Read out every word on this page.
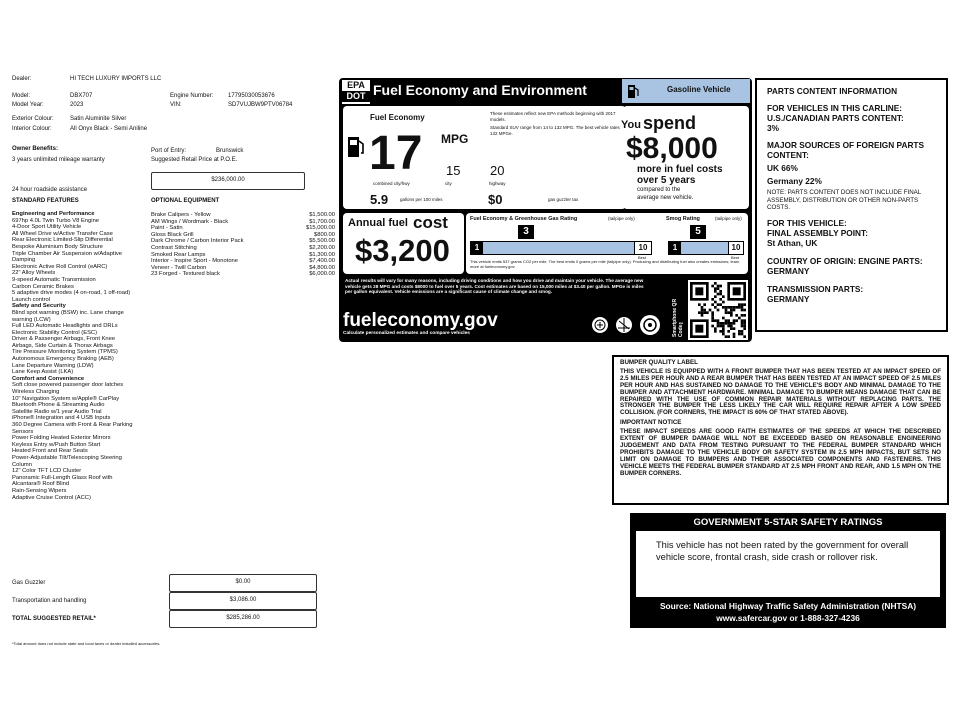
Dealer:	HI TECH LUXURY IMPORTS LLC
Model:	DBX707	Engine Number: 17795030053676
Model Year:	2023	VIN:	SD7VUJBW9PTV06784
Exterior Colour:	Satin Aluminite Silver
Interior Colour:	All Onyx Black - Semi Aniline
Owner Benefits:
3 years unlimited mileage warranty
Port of Entry:	Brunswick
Suggested Retail Price at P.O.E.
$236,000.00
24 hour roadside assistance
STANDARD FEATURES
Engineering and Performance
697hp 4.0L Twin Turbo V8 Engine
4-Door Sport Utility Vehicle
All Wheel Drive w/Active Transfer Case
Rear Electronic Limited-Slip Differential
Bespoke Aluminium Body Structure
Triple Chamber Air Suspension w/Adaptive
Damping
Electronic Active Roll Control (eARC)
22" Alloy Wheels
9-speed Automatic Transmission
Carbon Ceramic Brakes
5 adaptive drive modes (4 on-road, 1 off-road)
Launch control
Safety and Security
Blind spot warning (BSW) inc. Lane change
warning (LCW)
Full LED Automatic Headlights and DRLs
Electronic Stability Control (ESC)
Driver & Passenger Airbags, Front Knee
Airbags, Side Curtain & Thorax Airbags
Tire Pressure Monitoring System (TPMS)
Autonomous Emergency Braking (AEB)
Lane Departure Warning (LDW)
Lane Keep Assist (LKA)
Comfort and Convenience
Soft close powered passenger door latches
Wireless Charging
10" Navigation System w/Apple® CarPlay
Bluetooth Phone & Streaming Audio
Satellite Radio w/1 year Audio Trial
iPhone® Integration and 4 USB Inputs
360 Degree Camera with Front & Rear Parking
Sensors
Power Folding Heated Exterior Mirrors
Keyless Entry w/Push Button Start
Heated Front and Rear Seats
Power-Adjustable Tilt/Telescoping Steering
Column
12" Color TFT LCD Cluster
Panoramic Full-Length Glass Roof with
Alcantara® Roof Blind
Rain-Sensing Wipers
Adaptive Cruise Control (ACC)
OPTIONAL EQUIPMENT
Brake Calipers - Yellow	$1,500.00
AM Wings / Wordmark - Black	$1,700.00
Paint - Satin	$15,000.00
Gloss Black Grill	$800.00
Dark Chrome / Carbon Interior Pack	$5,500.00
Contrast Stitching	$2,200.00
Smoked Rear Lamps	$1,300.00
Interior - Inspire Sport - Monotone	$7,400.00
Veneer - Twill Carbon	$4,800.00
23 Forged - Textured black	$6,000.00
Gas Guzzler	$0.00
Transportation and handling	$3,086.00
TOTAL SUGGESTED RETAIL*	$285,286.00
*Total amount does not include state and local taxes or dealer installed accessories.
EPA
DOT Fuel Economy and Environment	Gasoline Vehicle
Fuel Economy
17 MPG
15 20
combined city/hwy	city	highway
5.9	gallons per 100 miles	$0	gas guzzler tax
These estimates reflect new EPA methods beginning with 2017 models.
Standard SUV range from 14 to 132 MPG. The best vehicle rates 132 MPGe.
You spend
$8,000
more in fuel costs
over 5 years
compared to the
average new vehicle.
Annual fuel cost
$3,200
Fuel Economy & Greenhouse Gas Rating	(tailpipe only)
3
1	10
Best
Smog Rating	(tailpipe only)
5
1	10
Best
This vehicle emits 537 grams CO2 per mile. The best emits 0 grams per mile (tailpipe only). Producing and distributing fuel also creates emissions; learn more at fueleconomy.gov.
Actual results will vary for many reasons, including driving conditions and how you drive and maintain your vehicle. The average new vehicle gets 28 MPG and costs $8000 to fuel over 5 years. Cost estimates are based on 15,000 miles at $3.40 per gallon. MPGe is miles per gallon equivalent. Vehicle emissions are a significant cause of climate change and smog.
fueleconomy.gov
Calculate personalized estimates and compare vehicles	Smartphone QR Code™
PARTS CONTENT INFORMATION
FOR VEHICLES IN THIS CARLINE: U.S./CANADIAN PARTS CONTENT:
3%
MAJOR SOURCES OF FOREIGN PARTS CONTENT:
UK 66%
Germany 22%
NOTE: PARTS CONTENT DOES NOT INCLUDE FINAL ASSEMBLY, DISTRIBUTION OR OTHER NON-PARTS COSTS.
FOR THIS VEHICLE:
FINAL ASSEMBLY POINT:
St Athan, UK
COUNTRY OF ORIGIN: ENGINE PARTS:
GERMANY
TRANSMISSION PARTS:
GERMANY
BUMPER QUALITY LABEL
THIS VEHICLE IS EQUIPPED WITH A FRONT BUMPER THAT HAS BEEN TESTED AT AN IMPACT SPEED OF 2.5 MILES PER HOUR AND A REAR BUMPER THAT HAS BEEN TESTED AT AN IMPACT SPEED OF 2.5 MILES PER HOUR AND HAS SUSTAINED NO DAMAGE TO THE VEHICLE'S BODY AND MINIMAL DAMAGE TO THE BUMPER AND ATTACHMENT HARDWARE. MINIMAL DAMAGE TO BUMPER MEANS DAMAGE THAT CAN BE REPAIRED WITH THE USE OF COMMON REPAIR MATERIALS WITHOUT REPLACING PARTS. THE STRONGER THE BUMPER THE LESS LIKELY THE CAR WILL REQUIRE REPAIR AFTER A LOW SPEED COLLISION. (FOR CORNERS, THE IMPACT IS 60% OF THAT STATED ABOVE).
IMPORTANT NOTICE
THESE IMPACT SPEEDS ARE GOOD FAITH ESTIMATES OF THE SPEEDS AT WHICH THE DESCRIBED EXTENT OF BUMPER DAMAGE WILL NOT BE EXCEEDED BASED ON REASONABLE ENGINEERING JUDGEMENT AND DATA FROM TESTING PURSUANT TO THE FEDERAL BUMPER STANDARD WHICH PROHIBITS DAMAGE TO THE VEHICLE BODY OR SAFETY SYSTEM IN 2.5 MPH IMPACTS, BUT SETS NO LIMIT ON DAMAGE TO BUMPERS AND THEIR ASSOCIATED COMPONENTS AND FASTENERS. THIS VEHICLE MEETS THE FEDERAL BUMPER STANDARD AT 2.5 MPH FRONT AND REAR, AND 1.5 MPH ON THE BUMPER CORNERS.
GOVERNMENT 5-STAR SAFETY RATINGS
This vehicle has not been rated by the government for overall vehicle score, frontal crash, side crash or rollover risk.
Source: National Highway Traffic Safety Administration (NHTSA)
www.safercar.gov or 1-888-327-4236
